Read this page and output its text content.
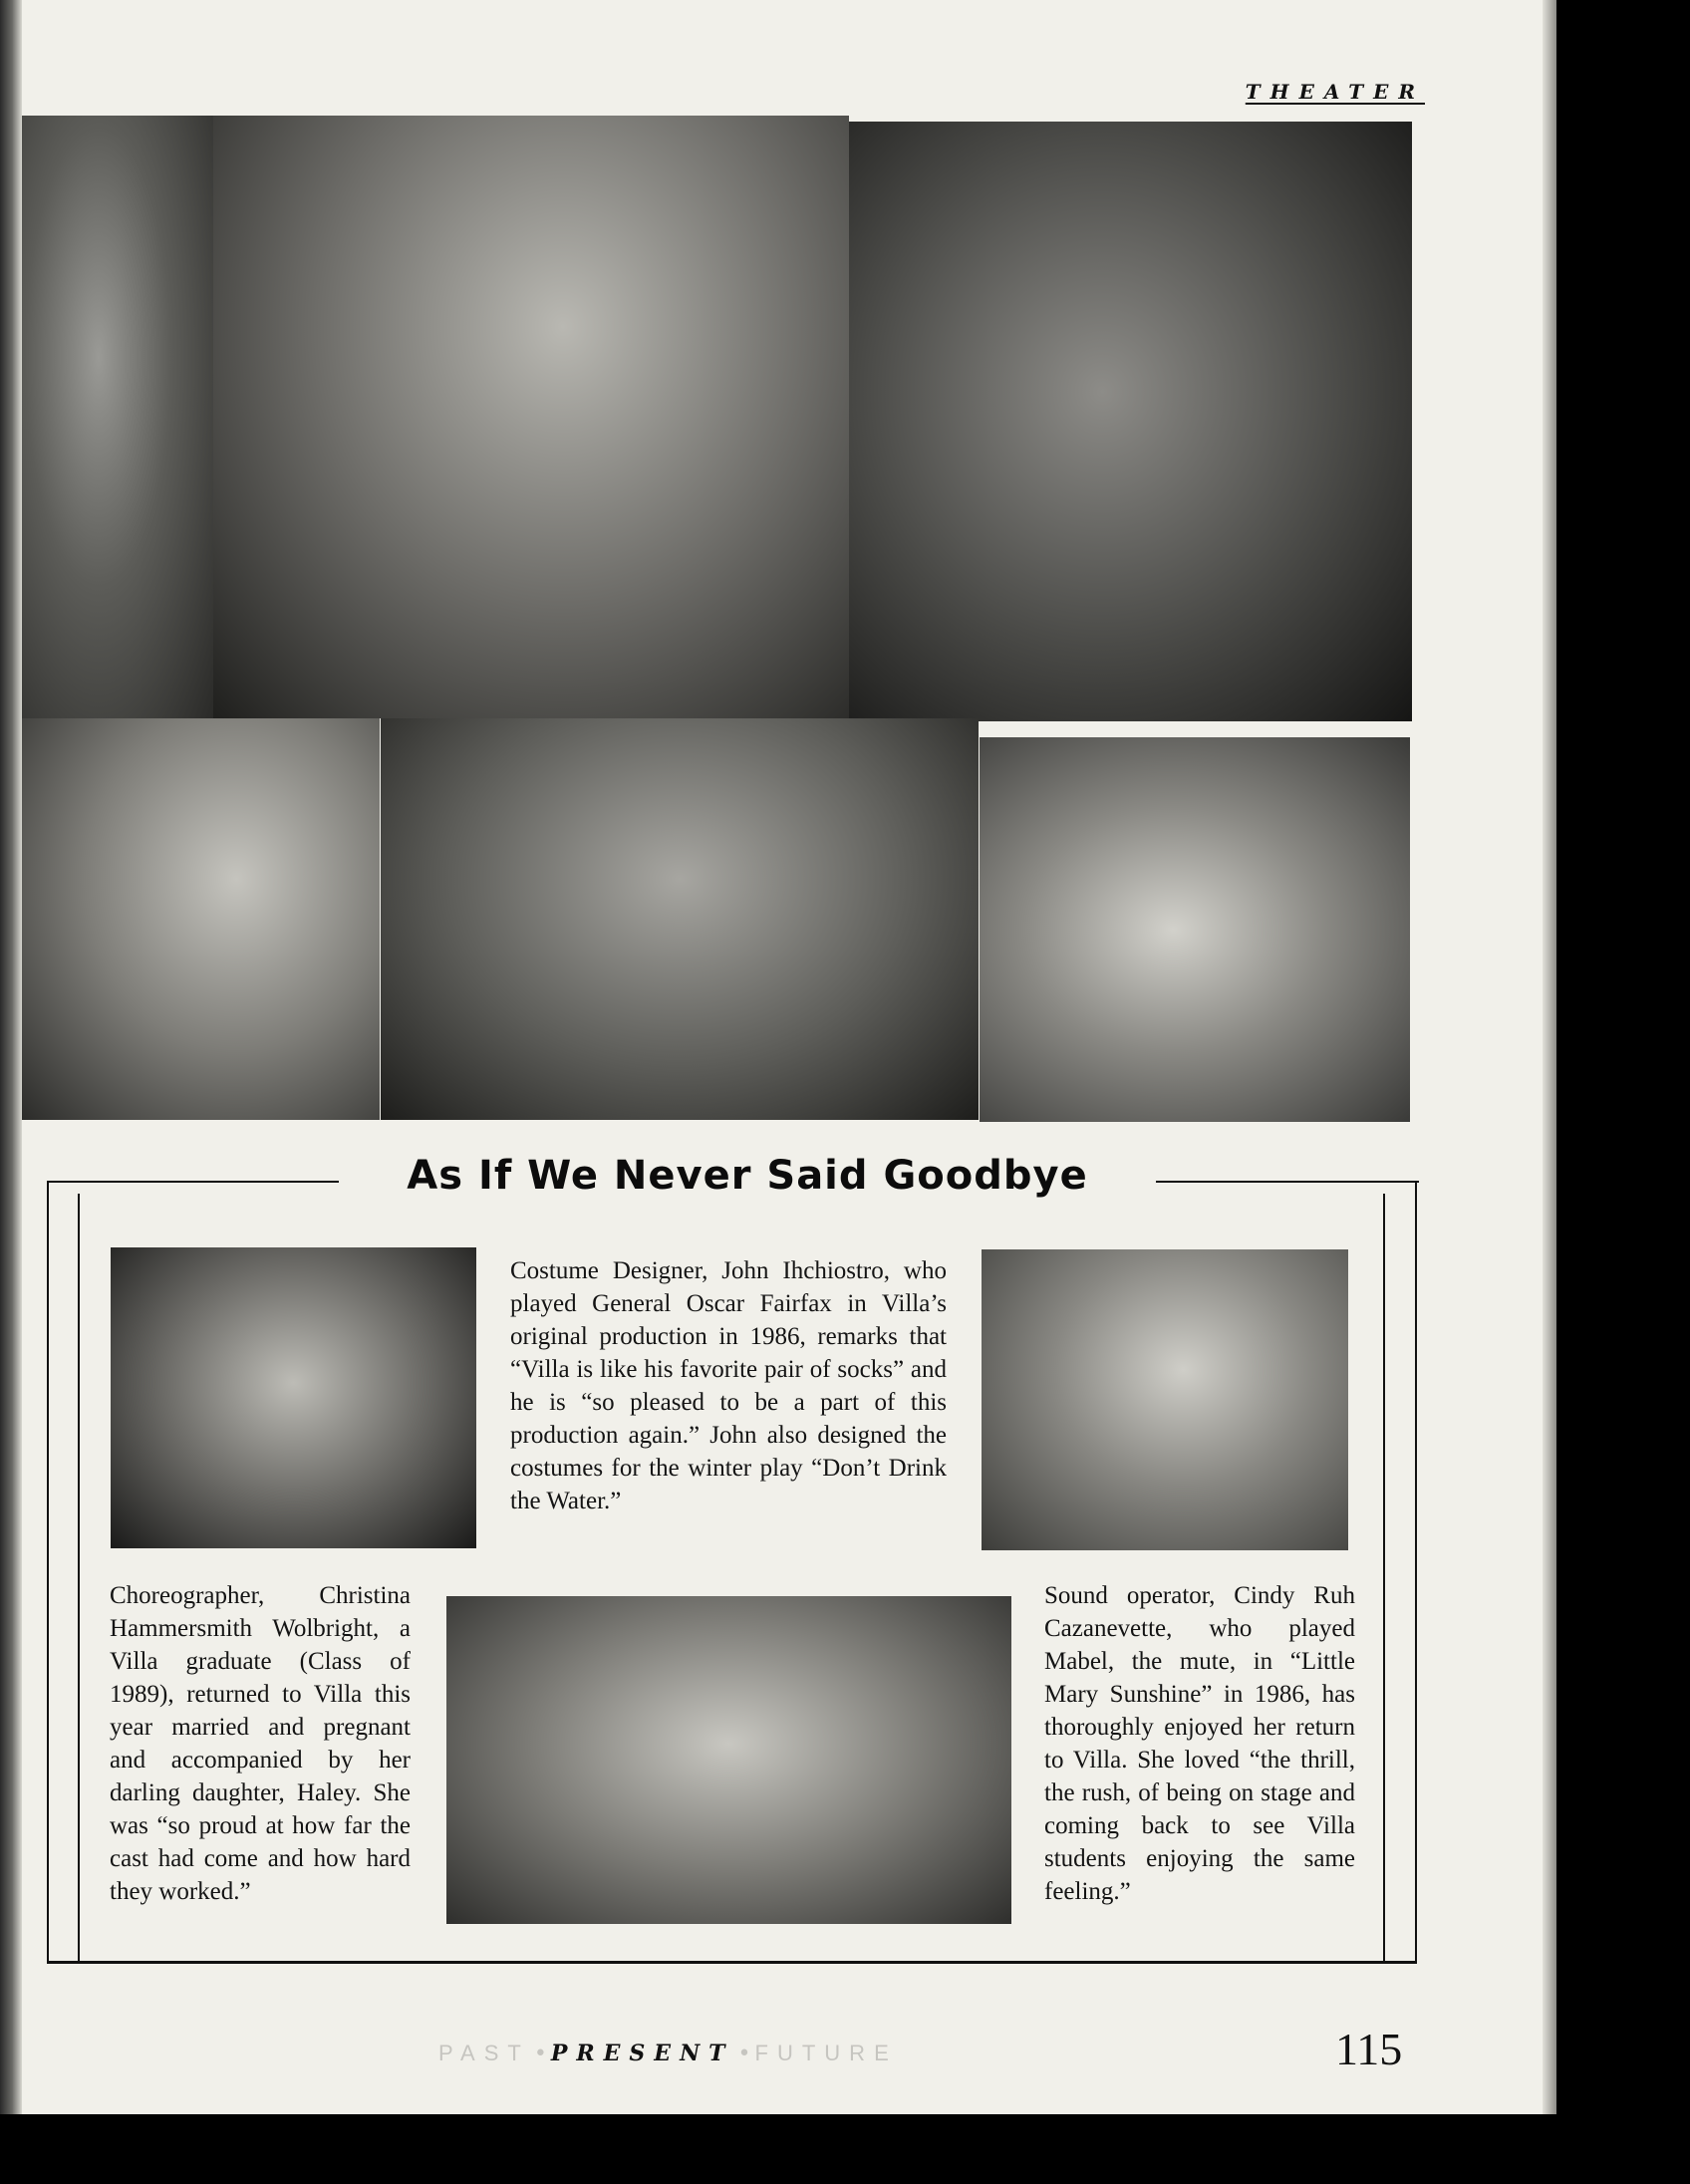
THEATER
As If We Never Said Goodbye

Costume Designer, John Ihchiostro, who played General Oscar Fairfax in Villa’s original production in 1986, remarks that “Villa is like his favorite pair of socks” and he is “so pleased to be a part of this production again.” John also designed the costumes for the winter play “Don’t Drink the Water.”

Choreographer, Christina Hammersmith Wolbright, a Villa graduate (Class of 1989), returned to Villa this year married and pregnant and accompanied by her darling daughter, Haley. She was “so proud at how far the cast had come and how hard they worked.”

Sound operator, Cindy Ruh Cazanevette, who played Mabel, the mute, in “Little Mary Sunshine” in 1986, has thoroughly enjoyed her return to Villa. She loved “the thrill, the rush, of being on stage and coming back to see Villa students enjoying the same feeling.”

PAST • PRESENT • FUTURE	115
